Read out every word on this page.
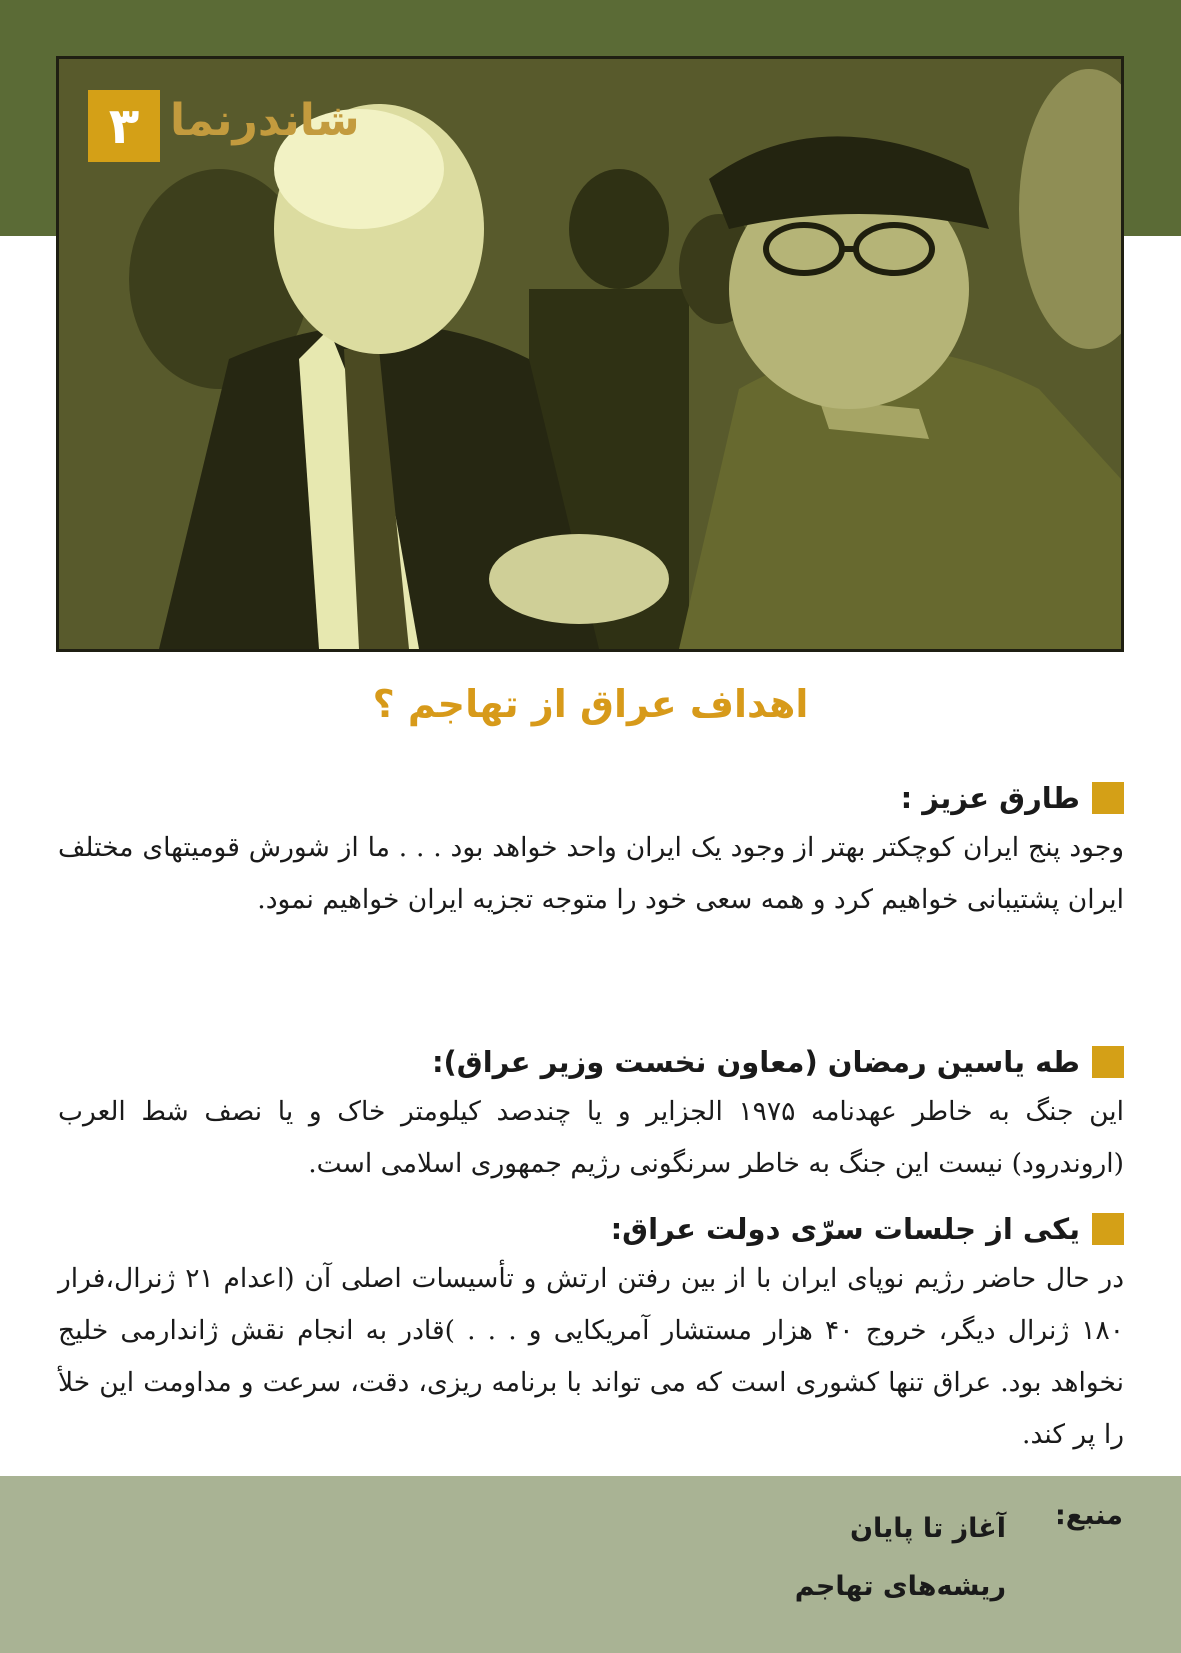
۳ شاندرنما
اهداف عراق از تهاجم ؟
طارق عزیز :
وجود پنج ایران کوچکتر بهتر از وجود یک ایران واحد خواهد بود . . . ما از شورش قومیتهای مختلف ایران پشتیبانی خواهیم کرد و همه سعی خود را متوجه تجزیه ایران خواهیم نمود.
طه یاسین رمضان (معاون نخست وزیر عراق):
این جنگ به خاطر عهدنامه ۱۹۷۵ الجزایر و یا چندصد کیلومتر خاک و یا نصف شط العرب (اروندرود) نیست این جنگ به خاطر سرنگونی رژیم جمهوری اسلامی است.
یکی از جلسات سرّی دولت عراق:
در حال حاضر رژیم نوپای ایران با از بین رفتن ارتش و تأسیسات اصلی آن (اعدام ۲۱ ژنرال،فرار ۱۸۰ ژنرال دیگر، خروج ۴۰ هزار مستشار آمریکایی و . . . )قادر به انجام نقش ژاندارمی خلیج نخواهد بود. عراق تنها کشوری است که می تواند با برنامه ریزی، دقت، سرعت و مداومت این خلأ را پر کند.
منبع:
آغاز تا پایان
ریشه‌های تهاجم
